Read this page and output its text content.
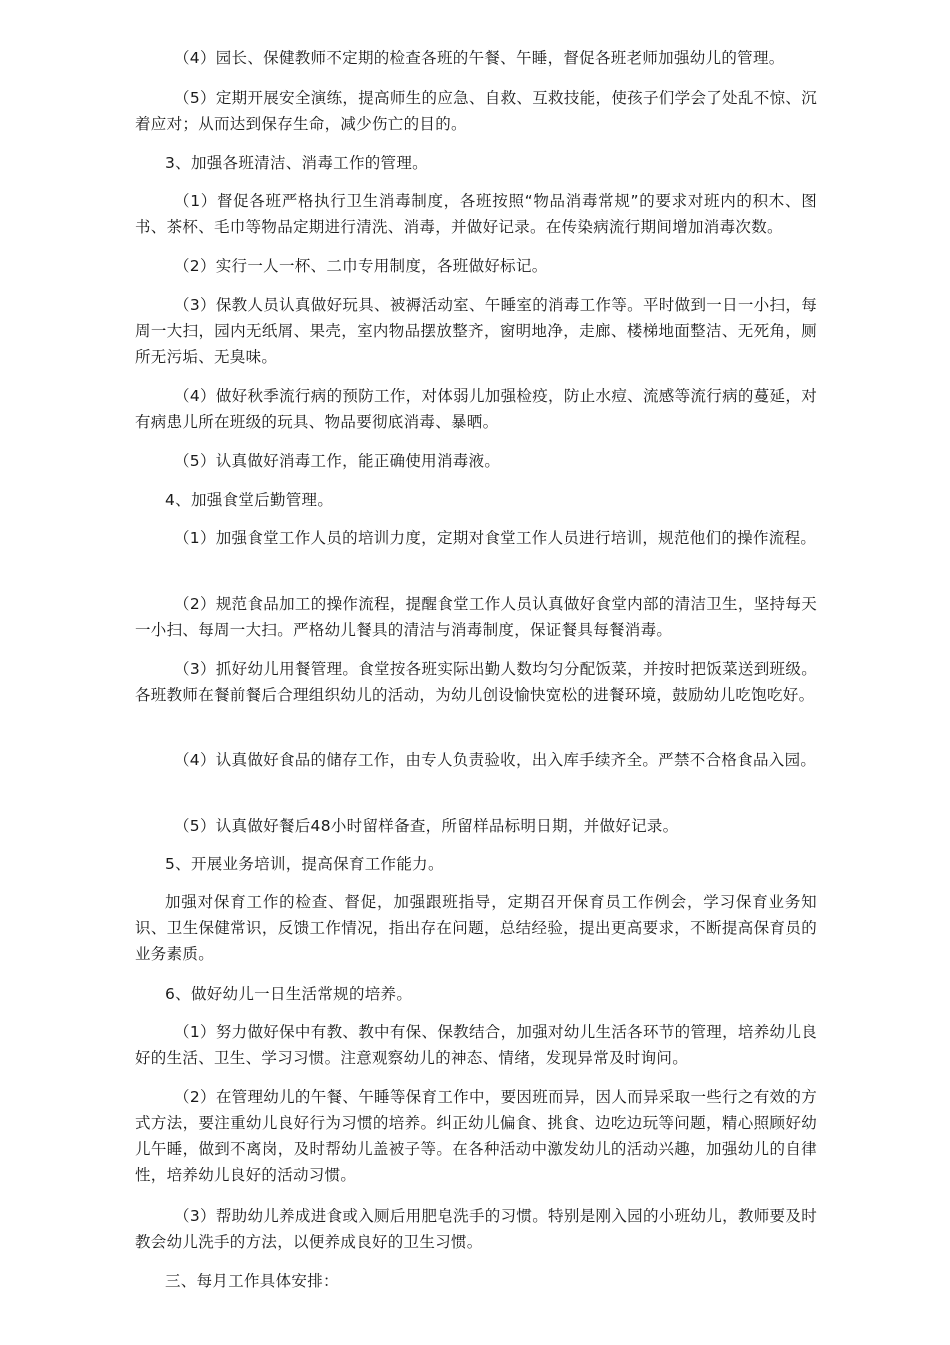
（4）园长、保健教师不定期的检查各班的午餐、午睡，督促各班老师加强幼儿的管理。

（5）定期开展安全演练，提高师生的应急、自救、互救技能，使孩子们学会了处乱不惊、沉着应对；从而达到保存生命，减少伤亡的目的。

3、加强各班清洁、消毒工作的管理。

（1）督促各班严格执行卫生消毒制度，各班按照“物品消毒常规”的要求对班内的积木、图书、茶杯、毛巾等物品定期进行清洗、消毒，并做好记录。在传染病流行期间增加消毒次数。

（2）实行一人一杯、二巾专用制度，各班做好标记。

（3）保教人员认真做好玩具、被褥活动室、午睡室的消毒工作等。平时做到一日一小扫，每周一大扫，园内无纸屑、果壳，室内物品摆放整齐，窗明地净，走廊、楼梯地面整洁、无死角，厕所无污垢、无臭味。

（4）做好秋季流行病的预防工作，对体弱儿加强检疫，防止水痘、流感等流行病的蔓延，对有病患儿所在班级的玩具、物品要彻底消毒、暴晒。

（5）认真做好消毒工作，能正确使用消毒液。

4、加强食堂后勤管理。

（1）加强食堂工作人员的培训力度，定期对食堂工作人员进行培训，规范他们的操作流程。

（2）规范食品加工的操作流程，提醒食堂工作人员认真做好食堂内部的清洁卫生，坚持每天一小扫、每周一大扫。严格幼儿餐具的清洁与消毒制度，保证餐具每餐消毒。

（3）抓好幼儿用餐管理。食堂按各班实际出勤人数均匀分配饭菜，并按时把饭菜送到班级。各班教师在餐前餐后合理组织幼儿的活动，为幼儿创设愉快宽松的进餐环境，鼓励幼儿吃饱吃好。

（4）认真做好食品的储存工作，由专人负责验收，出入库手续齐全。严禁不合格食品入园。

（5）认真做好餐后48小时留样备查，所留样品标明日期，并做好记录。

5、开展业务培训，提高保育工作能力。

加强对保育工作的检查、督促，加强跟班指导，定期召开保育员工作例会，学习保育业务知识、卫生保健常识，反馈工作情况，指出存在问题，总结经验，提出更高要求，不断提高保育员的业务素质。

6、做好幼儿一日生活常规的培养。

（1）努力做好保中有教、教中有保、保教结合，加强对幼儿生活各环节的管理，培养幼儿良好的生活、卫生、学习习惯。注意观察幼儿的神态、情绪，发现异常及时询问。

（2）在管理幼儿的午餐、午睡等保育工作中，要因班而异，因人而异采取一些行之有效的方式方法，要注重幼儿良好行为习惯的培养。纠正幼儿偏食、挑食、边吃边玩等问题，精心照顾好幼儿午睡，做到不离岗，及时帮幼儿盖被子等。在各种活动中激发幼儿的活动兴趣，加强幼儿的自律性，培养幼儿良好的活动习惯。

（3）帮助幼儿养成进食或入厕后用肥皂洗手的习惯。特别是刚入园的小班幼儿，教师要及时教会幼儿洗手的方法，以便养成良好的卫生习惯。

三、每月工作具体安排：
